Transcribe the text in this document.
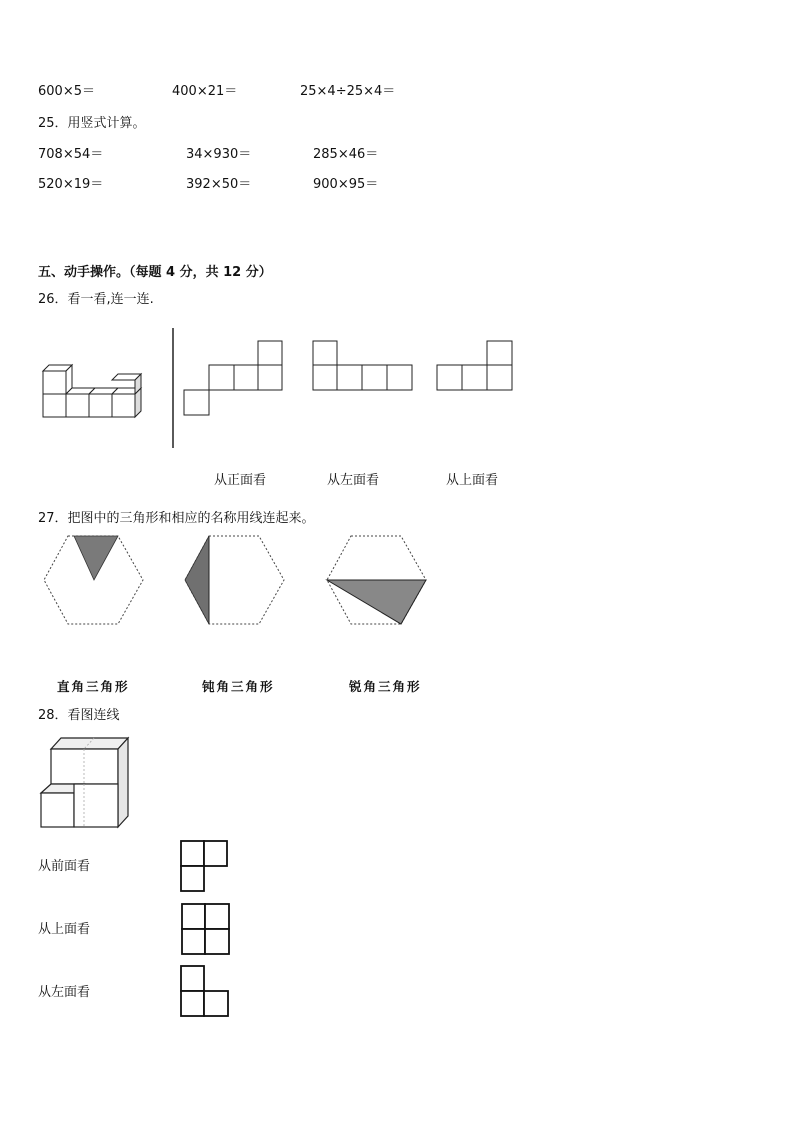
600×5＝	400×21＝	25×4÷25×4＝
25．用竖式计算。
708×54＝	34×930＝	285×46＝
520×19＝	392×50＝	900×95＝
五、动手操作。（每题 4 分，共 12 分）
26．看一看,连一连.
从正面看	从左面看	从上面看
27．把图中的三角形和相应的名称用线连起来。
直角三角形	钝角三角形	锐角三角形
28．看图连线
从前面看
从上面看
从左面看
